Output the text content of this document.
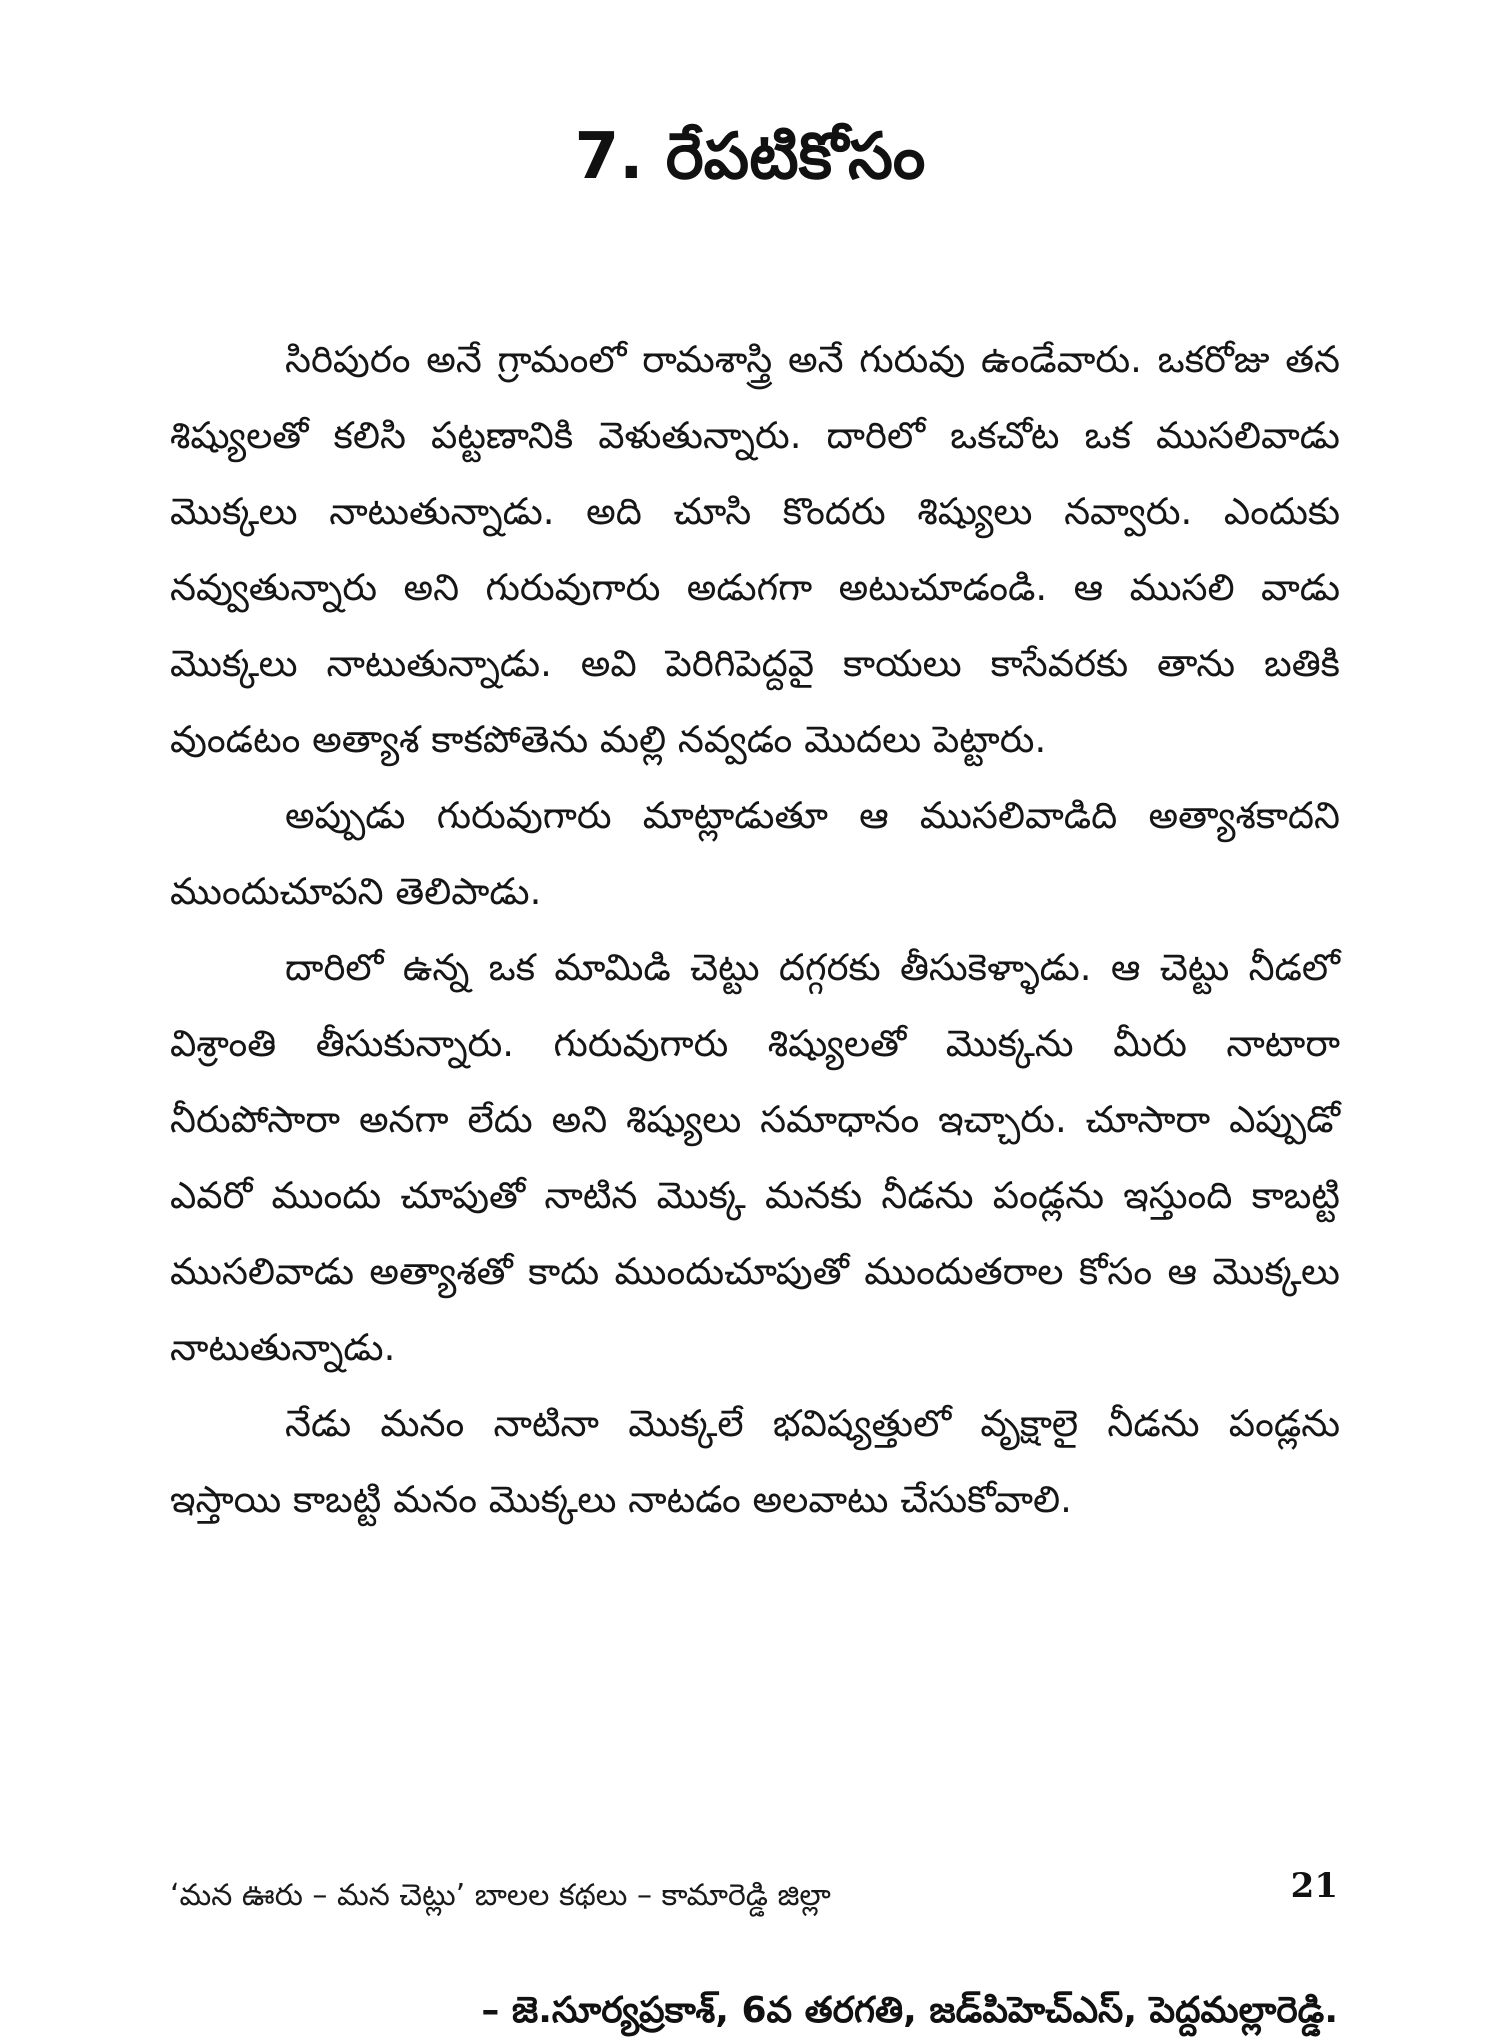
7. రేపటికోసం

సిరిపురం అనే గ్రామంలో రామశాస్త్రి అనే గురువు ఉండేవారు. ఒకరోజు తన శిష్యులతో కలిసి పట్టణానికి వెళుతున్నారు. దారిలో ఒకచోట ఒక ముసలివాడు మొక్కలు నాటుతున్నాడు. అది చూసి కొందరు శిష్యులు నవ్వారు. ఎందుకు నవ్వుతున్నారు అని గురువుగారు అడుగగా అటుచూడండి. ఆ ముసలి వాడు మొక్కలు నాటుతున్నాడు. అవి పెరిగిపెద్దవై కాయలు కాసేవరకు తాను బతికి వుండటం అత్యాశ కాకపోతెను మల్లి నవ్వడం మొదలు పెట్టారు.

అప్పుడు గురువుగారు మాట్లాడుతూ ఆ ముసలివాడిది అత్యాశకాదని ముందుచూపని తెలిపాడు.

దారిలో ఉన్న ఒక మామిడి చెట్టు దగ్గరకు తీసుకెళ్ళాడు. ఆ చెట్టు నీడలో విశ్రాంతి తీసుకున్నారు. గురువుగారు శిష్యులతో మొక్కను మీరు నాటారా నీరుపోసారా అనగా లేదు అని శిష్యులు సమాధానం ఇచ్చారు. చూసారా ఎప్పుడో ఎవరో ముందు చూపుతో నాటిన మొక్క మనకు నీడను పండ్లను ఇస్తుంది కాబట్టి ముసలివాడు అత్యాశతో కాదు ముందుచూపుతో ముందుతరాల కోసం ఆ మొక్కలు నాటుతున్నాడు.

నేడు మనం నాటినా మొక్కలే భవిష్యత్తులో వృక్షాలై నీడను పండ్లను ఇస్తాయి కాబట్టి మనం మొక్కలు నాటడం అలవాటు చేసుకోవాలి.

– జె.సూర్యప్రకాశ్, 6వ తరగతి, జడ్‌పిహెచ్‌ఎస్, పెద్దమల్లారెడ్డి.
‘మన ఊరు – మన చెట్లు’ బాలల కథలు – కామారెడ్డి జిల్లా	21
